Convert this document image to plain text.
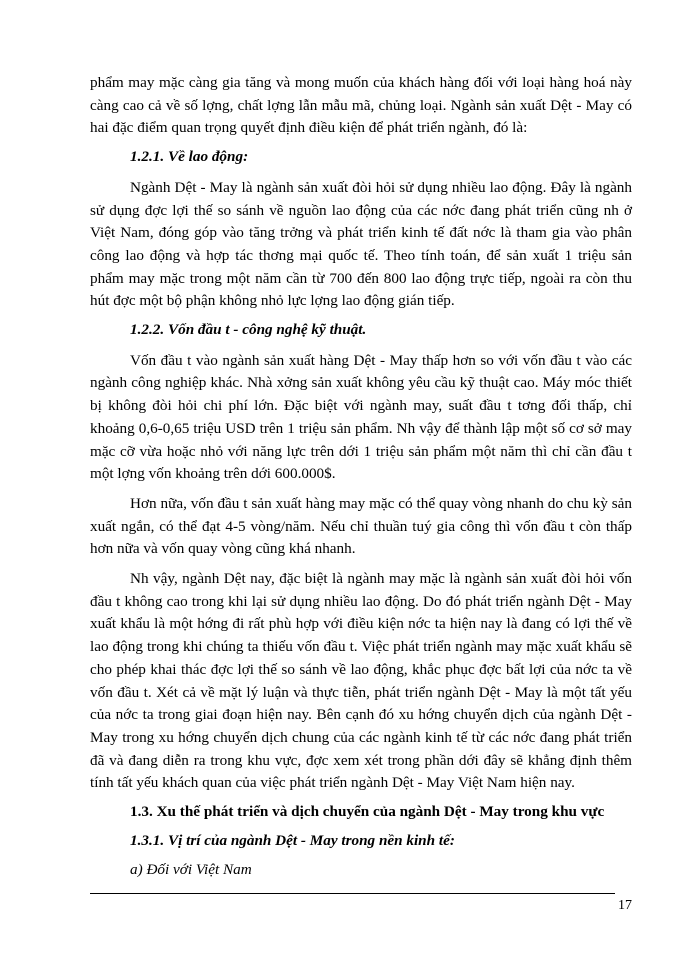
phẩm may mặc càng gia tăng và mong muốn của khách hàng đối với loại hàng hoá này càng cao cả về số lợng, chất lợng lẫn mẫu mã, chủng loại. Ngành sản xuất Dệt - May có hai đặc điểm quan trọng quyết định điều kiện để phát triển ngành, đó là:

1.2.1. Về lao động:

Ngành Dệt - May là ngành sản xuất đòi hỏi sử dụng nhiều lao động. Đây là ngành sử dụng đợc lợi thế so sánh về nguồn lao động của các nớc đang phát triển cũng nh ở Việt Nam, đóng góp vào tăng trởng và phát triển kinh tế đất nớc là tham gia vào phân công lao động và hợp tác thơng mại quốc tế. Theo tính toán, để sản xuất 1 triệu sản phẩm may mặc trong một năm cần từ 700 đến 800 lao động trực tiếp, ngoài ra còn thu hút đợc một bộ phận không nhỏ lực lợng lao động gián tiếp.

1.2.2. Vốn đầu t - công nghệ kỹ thuật.

Vốn đầu t vào ngành sản xuất hàng Dệt - May thấp hơn so với vốn đầu t vào các ngành công nghiệp khác. Nhà xởng sản xuất không yêu cầu kỹ thuật cao. Máy móc thiết bị không đòi hỏi chi phí lớn. Đặc biệt với ngành may, suất đầu t tơng đối thấp, chỉ khoảng 0,6-0,65 triệu USD trên 1 triệu sản phẩm. Nh vậy để thành lập một số cơ sở may mặc cỡ vừa hoặc nhỏ với năng lực trên dới 1 triệu sản phẩm một năm thì chỉ cần đầu t một lợng vốn khoảng trên dới 600.000$.

Hơn nữa, vốn đầu t sản xuất hàng may mặc có thể quay vòng nhanh do chu kỳ sản xuất ngắn, có thể đạt 4-5 vòng/năm. Nếu chỉ thuần tuý gia công thì vốn đầu t còn thấp hơn nữa và vốn quay vòng cũng khá nhanh.

Nh vậy, ngành Dệt nay, đặc biệt là ngành may mặc là ngành sản xuất đòi hỏi vốn đầu t không cao trong khi lại sử dụng nhiều lao động. Do đó phát triển ngành Dệt - May xuất khẩu là một hớng đi rất phù hợp với điều kiện nớc ta hiện nay là đang có lợi thế về lao động trong khi chúng ta thiếu vốn đầu t. Việc phát triển ngành may mặc xuất khẩu sẽ cho phép khai thác đợc lợi thế so sánh về lao động, khắc phục đợc bất lợi của nớc ta về vốn đầu t. Xét cả về mặt lý luận và thực tiễn, phát triển ngành Dệt - May là một tất yếu của nớc ta trong giai đoạn hiện nay. Bên cạnh đó xu hớng chuyển dịch của ngành Dệt - May trong xu hớng chuyển dịch chung của các ngành kinh tế từ các nớc đang phát triển đã và đang diễn ra trong khu vực, đợc xem xét trong phần dới đây sẽ khẳng định thêm tính tất yếu khách quan của việc phát triển ngành Dệt - May Việt Nam hiện nay.

1.3. Xu thế phát triển và dịch chuyển của ngành Dệt - May trong khu vực

1.3.1. Vị trí của ngành Dệt - May trong nền kinh tế:

a) Đối với Việt Nam

17
